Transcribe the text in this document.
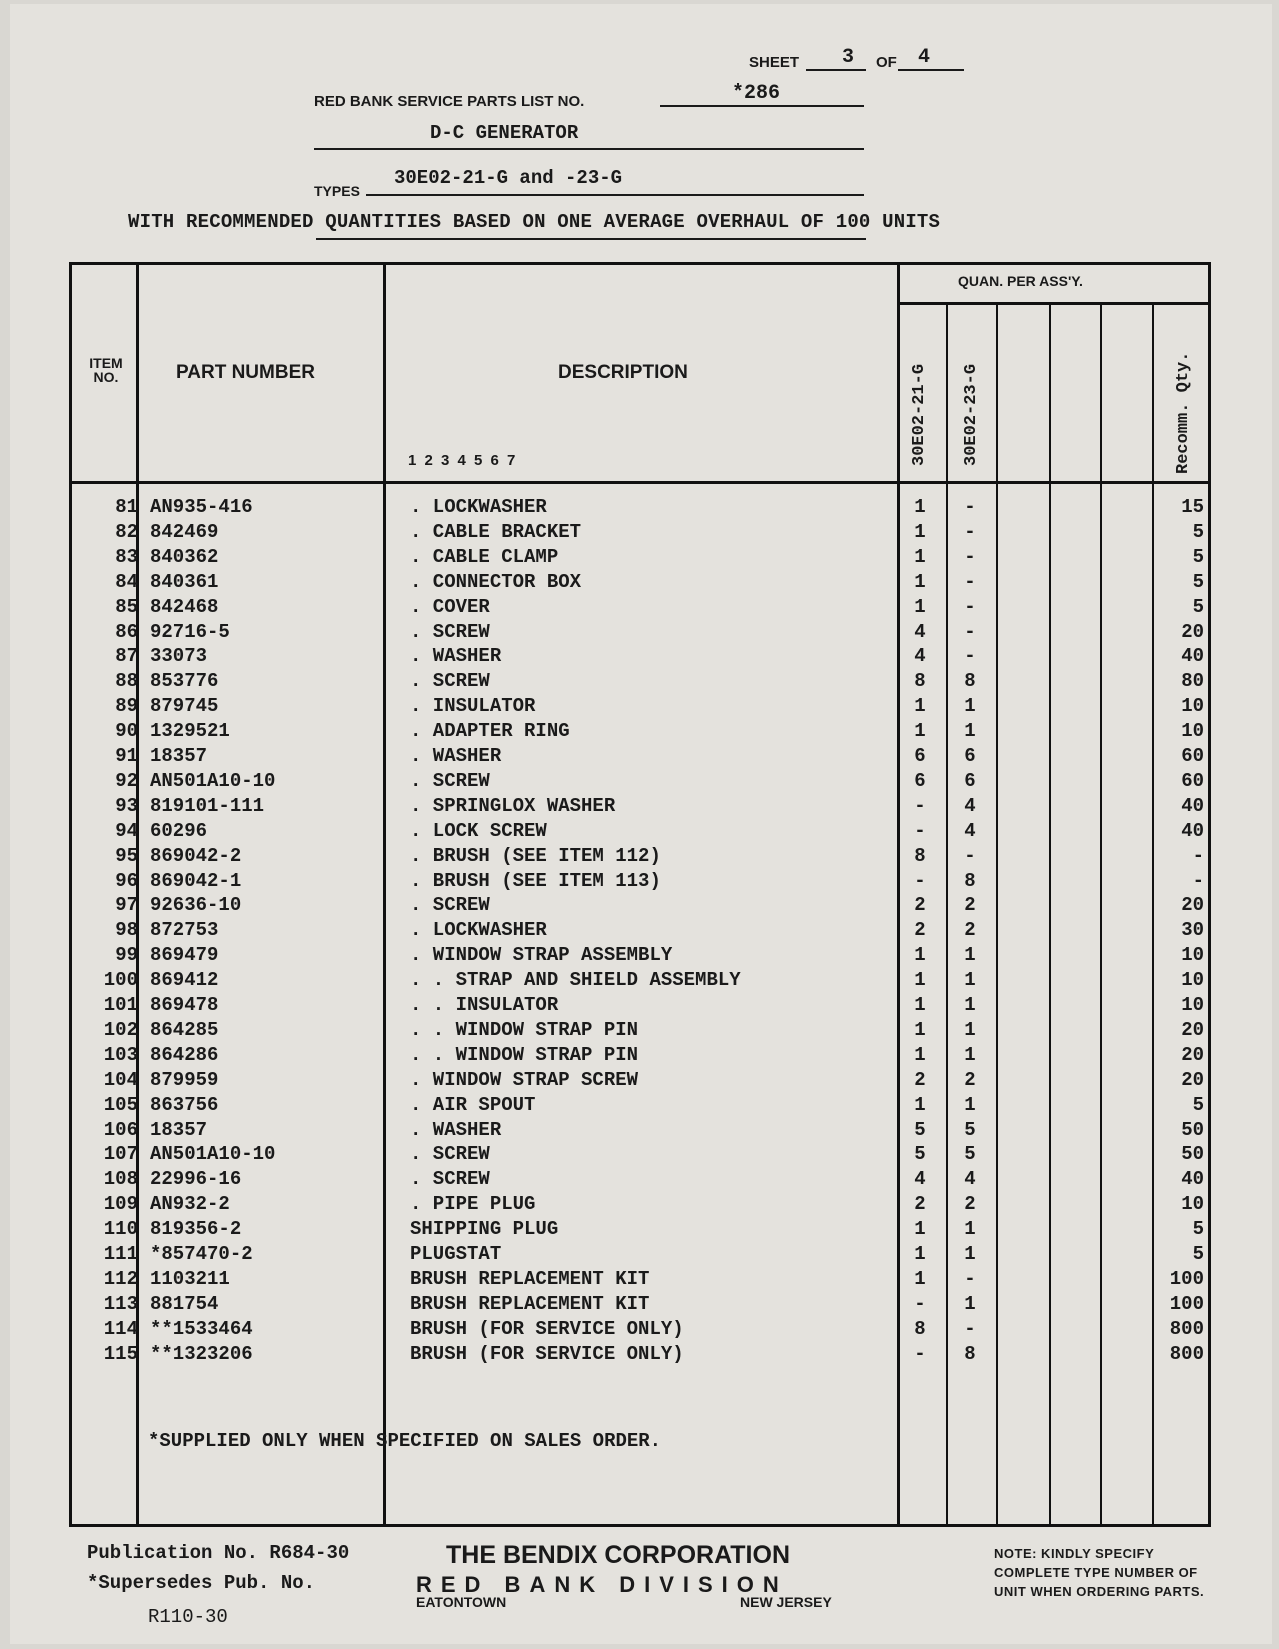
SHEET 3 OF 4
RED BANK SERVICE PARTS LIST NO.	*286
D-C GENERATOR
TYPES
30E02-21-G and -23-G
WITH RECOMMENDED QUANTITIES BASED ON ONE AVERAGE OVERHAUL OF 100 UNITS
ITEM NO.	PART NUMBER	DESCRIPTION
1 2 3 4 5 6 7
QUAN. PER ASS'Y.
30E02-21-G 30E02-23-G	Recomm. Qty.
81 AN935-416	. LOCKWASHER	1	-	15
82 842469	. CABLE BRACKET	1	-	5
83 840362	. CABLE CLAMP	1	-	5
84 840361	. CONNECTOR BOX	1	-	5
85 842468	. COVER	1	-	5
86 92716-5	. SCREW	4	-	20
87 33073	. WASHER	4	-	40
88 853776	. SCREW	8	8	80
89 879745	. INSULATOR	1	1	10
90 1329521	. ADAPTER RING	1	1	10
91 18357	. WASHER	6	6	60
92 AN501A10-10	. SCREW	6	6	60
93 819101-111	. SPRINGLOX WASHER	-	4	40
94 60296	. LOCK SCREW	-	4	40
95 869042-2	. BRUSH (SEE ITEM 112)	8	-	-
96 869042-1	. BRUSH (SEE ITEM 113)	-	8	-
97 92636-10	. SCREW	2	2	20
98 872753	. LOCKWASHER	2	2	30
99 869479	. WINDOW STRAP ASSEMBLY	1	1	10
100 869412	. . STRAP AND SHIELD ASSEMBLY	1	1	10
101 869478	. . INSULATOR	1	1	10
102 864285	. . WINDOW STRAP PIN	1	1	20
103 864286	. . WINDOW STRAP PIN	1	1	20
104 879959	. WINDOW STRAP SCREW	2	2	20
105 863756	. AIR SPOUT	1	1	5
106 18357	. WASHER	5	5	50
107 AN501A10-10	. SCREW	5	5	50
108 22996-16	. SCREW	4	4	40
109 AN932-2	. PIPE PLUG	2	2	10
110 819356-2	SHIPPING PLUG	1	1	5
111 *857470-2	PLUGSTAT	1	1	5
112 1103211	BRUSH REPLACEMENT KIT	1	-	100
113 881754	BRUSH REPLACEMENT KIT	-	1	100
114 **1533464	BRUSH (FOR SERVICE ONLY)	8	-	800
115 **1323206	BRUSH (FOR SERVICE ONLY)	-	8	800
*SUPPLIED ONLY WHEN SPECIFIED ON SALES ORDER.
Publication No. R684-30
*Supersedes Pub. No.
R110-30
THE BENDIX CORPORATION
RED BANK DIVISION
EATONTOWN	NEW JERSEY
NOTE: KINDLY SPECIFY COMPLETE TYPE NUMBER OF UNIT WHEN ORDERING PARTS.
